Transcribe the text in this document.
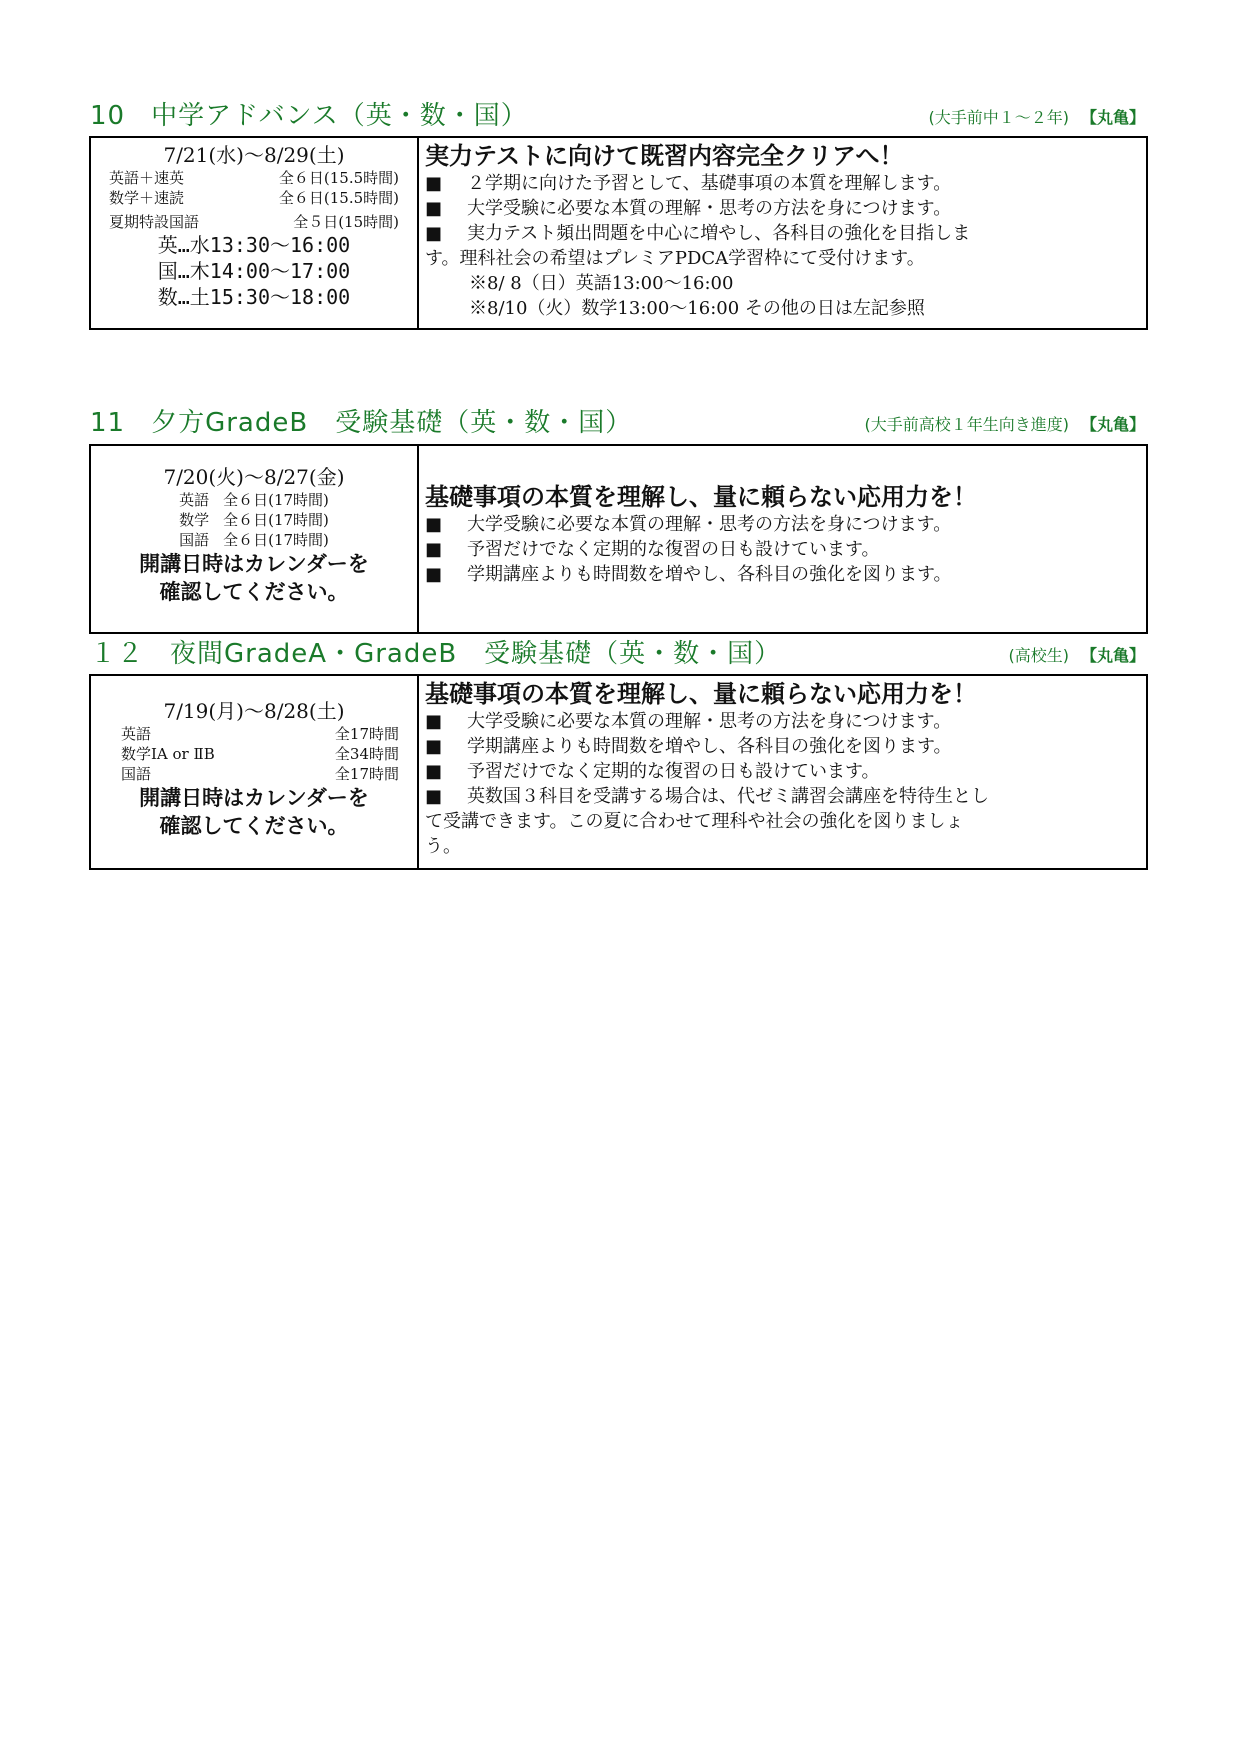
10 中学アドバンス（英・数・国）	(大手前中１～２年) 【丸亀】
7/21(水)～8/29(土)
英語＋速英	全６日(15.5時間)
数学＋速読	全６日(15.5時間)
夏期特設国語	全５日(15時間)
英…水13:30～16:00
国…木14:00～17:00
数…土15:30～18:00
実力テストに向けて既習内容完全クリアへ！
■	２学期に向けた予習として、基礎事項の本質を理解します。
■	大学受験に必要な本質の理解・思考の方法を身につけます。
■	実力テスト頻出問題を中心に増やし、各科目の強化を目指しま
す。理科社会の希望はプレミアPDCA学習枠にて受付けます。
※8/ 8（日）英語13:00～16:00
※8/10（火）数学13:00～16:00 その他の日は左記参照
11 夕方GradeB　受験基礎（英・数・国）	(大手前高校１年生向き進度) 【丸亀】
7/20(火)～8/27(金)
英語 全６日(17時間)
数学 全６日(17時間)
国語 全６日(17時間)
開講日時はカレンダーを
確認してください。
基礎事項の本質を理解し、量に頼らない応用力を！
■	大学受験に必要な本質の理解・思考の方法を身につけます。
■	予習だけでなく定期的な復習の日も設けています。
■	学期講座よりも時間数を増やし、各科目の強化を図ります。
１２ 夜間GradeA・GradeB　受験基礎（英・数・国）	(高校生) 【丸亀】
7/19(月)～8/28(土)
英語	全17時間
数学ⅠA or ⅡB	全34時間
国語	全17時間
開講日時はカレンダーを
確認してください。
基礎事項の本質を理解し、量に頼らない応用力を！
■	大学受験に必要な本質の理解・思考の方法を身につけます。
■	学期講座よりも時間数を増やし、各科目の強化を図ります。
■	予習だけでなく定期的な復習の日も設けています。
■	英数国３科目を受講する場合は、代ゼミ講習会講座を特待生とし
て受講できます。この夏に合わせて理科や社会の強化を図りましょ
う。
